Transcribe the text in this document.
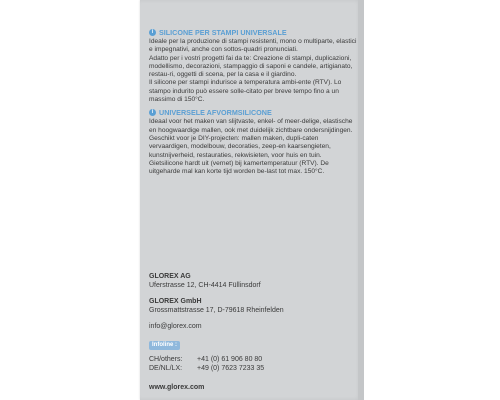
i SILICONE PER STAMPI UNIVERSALE

Ideale per la produzione di stampi resistenti, mono o multiparte, elastici e impegnativi, anche con sottos-quadri pronunciati.

Adatto per i vostri progetti fai da te: Creazione di stampi, duplicazioni, modellismo, decorazioni, stampaggio di saponi e candele, artigianato, restau-ri, oggetti di scena, per la casa e il giardino.

Il silicone per stampi indurisce a temperatura ambi-ente (RTV). Lo stampo indurito può essere solle-citato per breve tempo fino a un massimo di 150°C.

i UNIVERSELE AFVORMSILICONE

Ideaal voor het maken van slijtvaste, enkel- of meer-delige, elastische en hoogwaardige mallen, ook met duidelijk zichtbare ondersnijdingen.

Geschikt voor je DIY-projecten: mallen maken, dupli-caten vervaardigen, modelbouw, decoraties, zeep-en kaarsengieten, kunstnijverheid, restauraties, rekwisieten, voor huis en tuin.

Gietsilicone hardt uit (vernet) bij kamertemperatuur (RTV). De uitgeharde mal kan korte tijd worden be-last tot max. 150°C.

GLOREX AG
Uferstrasse 12, CH-4414 Füllinsdorf
GLOREX GmbH
Grossmattstrasse 17, D-79618 Rheinfelden
info@glorex.com
Infoline :
CH/others:	+41 (0) 61 906 80 80
DE/NL/LX:	+49 (0) 7623 7233 35
www.glorex.com
